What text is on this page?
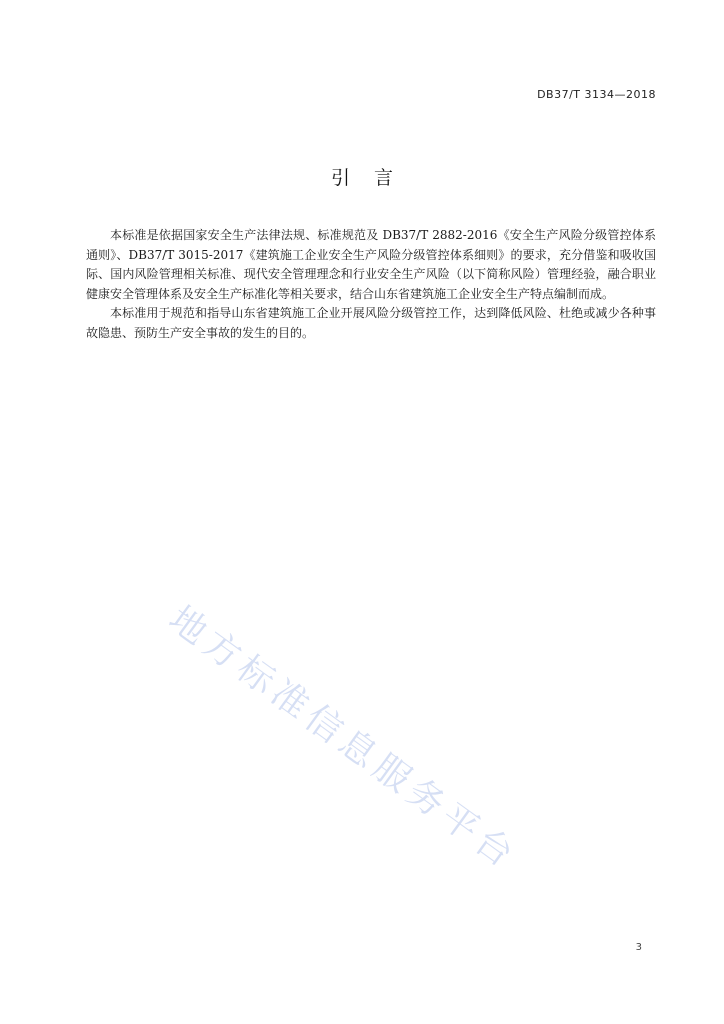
DB37/T 3134—2018
引言

本标准是依据国家安全生产法律法规、标准规范及 DB37/T 2882-2016《安全生产风险分级管控体系通则》、DB37/T 3015-2017《建筑施工企业安全生产风险分级管控体系细则》的要求，充分借鉴和吸收国际、国内风险管理相关标准、现代安全管理理念和行业安全生产风险（以下简称风险）管理经验，融合职业健康安全管理体系及安全生产标准化等相关要求，结合山东省建筑施工企业安全生产特点编制而成。

本标准用于规范和指导山东省建筑施工企业开展风险分级管控工作，达到降低风险、杜绝或减少各种事故隐患、预防生产安全事故的发生的目的。

地方标准信息服务平台
3
